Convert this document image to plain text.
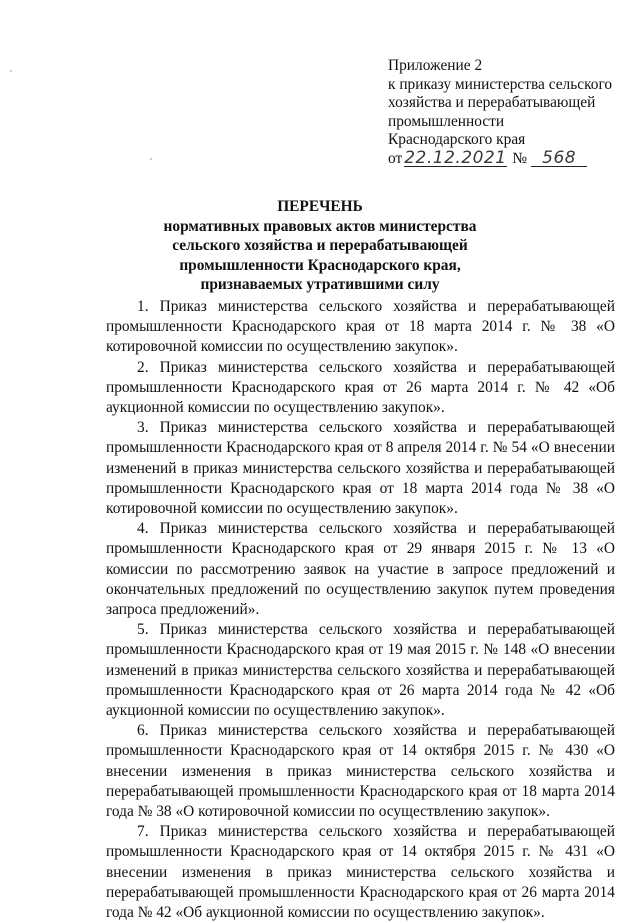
Приложение 2
к приказу министерства сельского
хозяйства и перерабатывающей
промышленности
Краснодарского края
от 22.12.2021 № 568
ПЕРЕЧЕНЬ
нормативных правовых актов министерства
сельского хозяйства и перерабатывающей
промышленности Краснодарского края,
признаваемых утратившими силу

1. Приказ министерства сельского хозяйства и перерабатывающей промышленности Краснодарского края от 18 марта 2014 г. № 38 «О котировочной комиссии по осуществлению закупок».

2. Приказ министерства сельского хозяйства и перерабатывающей промышленности Краснодарского края от 26 марта 2014 г. № 42 «Об аукционной комиссии по осуществлению закупок».

3. Приказ министерства сельского хозяйства и перерабатывающей промышленности Краснодарского края от 8 апреля 2014 г. № 54 «О внесении изменений в приказ министерства сельского хозяйства и перерабатывающей промышленности Краснодарского края от 18 марта 2014 года № 38 «О котировочной комиссии по осуществлению закупок».

4. Приказ министерства сельского хозяйства и перерабатывающей промышленности Краснодарского края от 29 января 2015 г. № 13 «О комиссии по рассмотрению заявок на участие в запросе предложений и окончательных предложений по осуществлению закупок путем проведения запроса предложений».

5. Приказ министерства сельского хозяйства и перерабатывающей промышленности Краснодарского края от 19 мая 2015 г. № 148 «О внесении изменений в приказ министерства сельского хозяйства и перерабатывающей промышленности Краснодарского края от 26 марта 2014 года № 42 «Об аукционной комиссии по осуществлению закупок».

6. Приказ министерства сельского хозяйства и перерабатывающей промышленности Краснодарского края от 14 октября 2015 г. № 430 «О внесении изменения в приказ министерства сельского хозяйства и перерабатывающей промышленности Краснодарского края от 18 марта 2014 года № 38 «О котировочной комиссии по осуществлению закупок».

7. Приказ министерства сельского хозяйства и перерабатывающей промышленности Краснодарского края от 14 октября 2015 г. № 431 «О внесении изменения в приказ министерства сельского хозяйства и перерабатывающей промышленности Краснодарского края от 26 марта 2014 года № 42 «Об аукционной комиссии по осуществлению закупок».
